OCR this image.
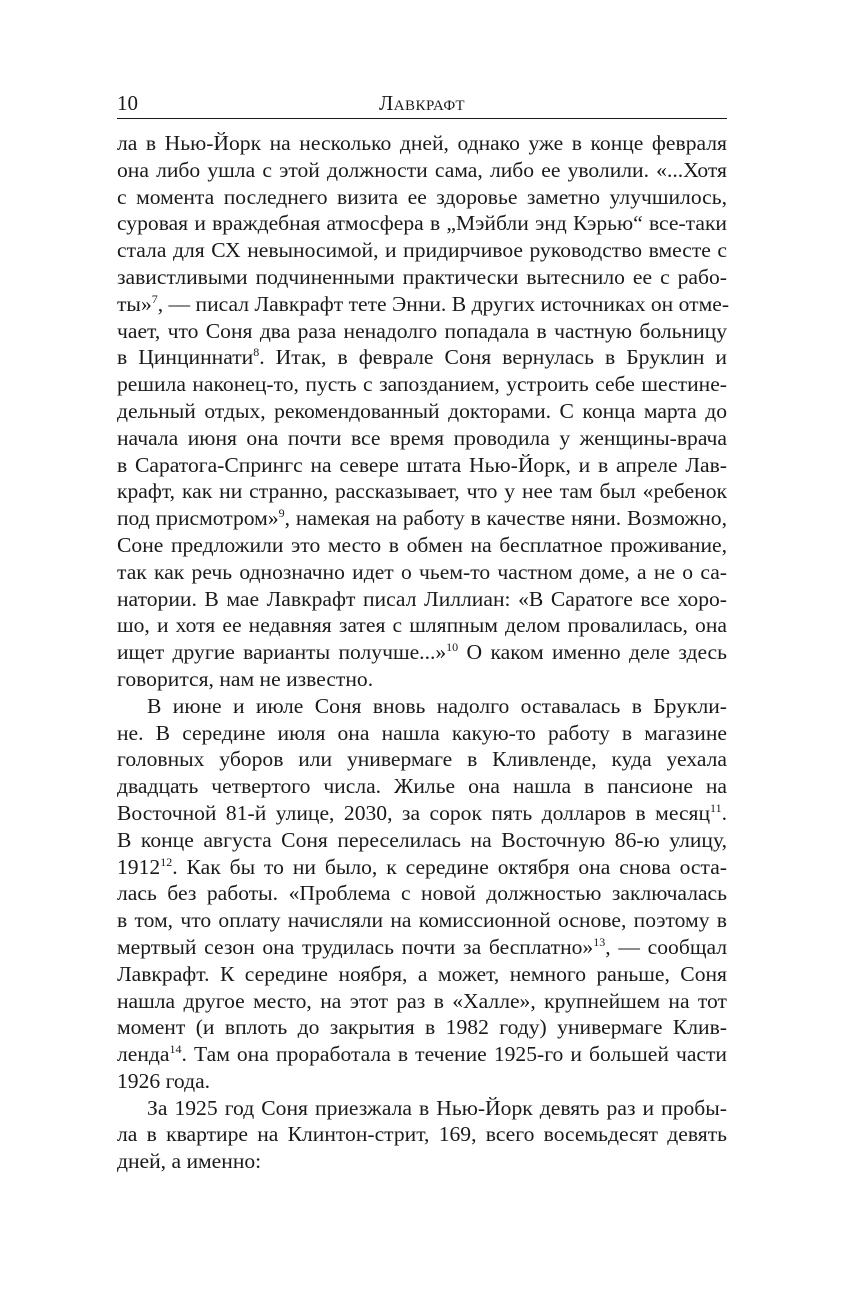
10	Лавкрафт
ла в Нью-Йорк на несколько дней, однако уже в конце февраля
она либо ушла с этой должности сама, либо ее уволили. «...Хотя
с момента последнего визита ее здоровье заметно улучшилось,
суровая и враждебная атмосфера в „Мэйбли энд Кэрью“ все-таки
стала для СХ невыносимой, и придирчивое руководство вместе с
завистливыми подчиненными практически вытеснило ее с рабо-
ты»$^7$, — писал Лавкрафт тете Энни. В других источниках он отме-
чает, что Соня два раза ненадолго попадала в частную больницу
в Цинциннати$^8$. Итак, в феврале Соня вернулась в Бруклин и
решила наконец-то, пусть с запозданием, устроить себе шестине-
дельный отдых, рекомендованный докторами. С конца марта до
начала июня она почти все время проводила у женщины-врача
в Саратога-Спрингс на севере штата Нью-Йорк, и в апреле Лав-
крафт, как ни странно, рассказывает, что у нее там был «ребенок
под присмотром»$^9$, намекая на работу в качестве няни. Возможно,
Соне предложили это место в обмен на бесплатное проживание,
так как речь однозначно идет о чьем-то частном доме, а не о са-
натории. В мае Лавкрафт писал Лиллиан: «В Саратоге все хоро-
шо, и хотя ее недавняя затея с шляпным делом провалилась, она
ищет другие варианты получше...»$^{10}$ О каком именно деле здесь
говорится, нам не известно.
В июне и июле Соня вновь надолго оставалась в Брукли-
не. В середине июля она нашла какую-то работу в магазине
головных уборов или универмаге в Кливленде, куда уехала
двадцать четвертого числа. Жилье она нашла в пансионе на
Восточной 81-й улице, 2030, за сорок пять долларов в месяц$^{11}$.
В конце августа Соня переселилась на Восточную 86-ю улицу,
1912$^{12}$. Как бы то ни было, к середине октября она снова оста-
лась без работы. «Проблема с новой должностью заключалась
в том, что оплату начисляли на комиссионной основе, поэтому в
мертвый сезон она трудилась почти за бесплатно»$^{13}$, — сообщал
Лавкрафт. К середине ноября, а может, немного раньше, Соня
нашла другое место, на этот раз в «Халле», крупнейшем на тот
момент (и вплоть до закрытия в 1982 году) универмаге Клив-
ленда$^{14}$. Там она проработала в течение 1925-го и большей части
1926 года.
За 1925 год Соня приезжала в Нью-Йорк девять раз и пробы-
ла в квартире на Клинтон-стрит, 169, всего восемьдесят девять
дней, а именно:
